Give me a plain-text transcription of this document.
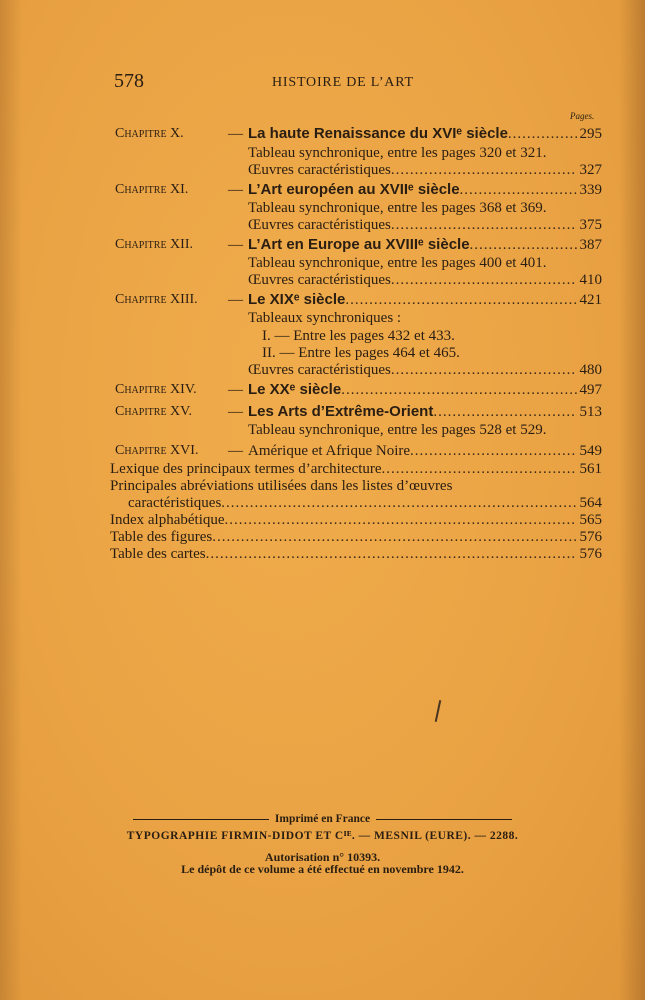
578	HISTOIRE DE L’ART
Pages.
Chapitre X.	— La haute Renaissance du XVIᵉ siècle .....	295
Tableau synchronique, entre les pages 320 et 321.
Œuvres caractéristiques .....	327
Chapitre XI.	— L’Art européen au XVIIᵉ siècle .....	339
Tableau synchronique, entre les pages 368 et 369.
Œuvres caractéristiques .....	375
Chapitre XII. — L’Art en Europe au XVIIIᵉ siècle .....	387
Tableau synchronique, entre les pages 400 et 401.
Œuvres caractéristiques .....	410
Chapitre XIII. — Le XIXᵉ siècle .....	421
Tableaux synchroniques :
I. — Entre les pages 432 et 433.
II. — Entre les pages 464 et 465.
Œuvres caractéristiques .....	480
Chapitre XIV. — Le XXᵉ siècle .....	497
Chapitre XV. — Les Arts d’Extrême-Orient .....	513
Tableau synchronique, entre les pages 528 et 529.
Chapitre XVI. — Amérique et Afrique Noire .....	549
Lexique des principaux termes d’architecture .....	561
Principales abréviations utilisées dans les listes d’œuvres
caractéristiques .....	564
Index alphabétique .....	565
Table des figures .....	576
Table des cartes .....	576
Imprimé en France
TYPOGRAPHIE FIRMIN-DIDOT ET Cᴵᴱ. — MESNIL (EURE). — 2288.
Autorisation n° 10393.
Le dépôt de ce volume a été effectué en novembre 1942.
